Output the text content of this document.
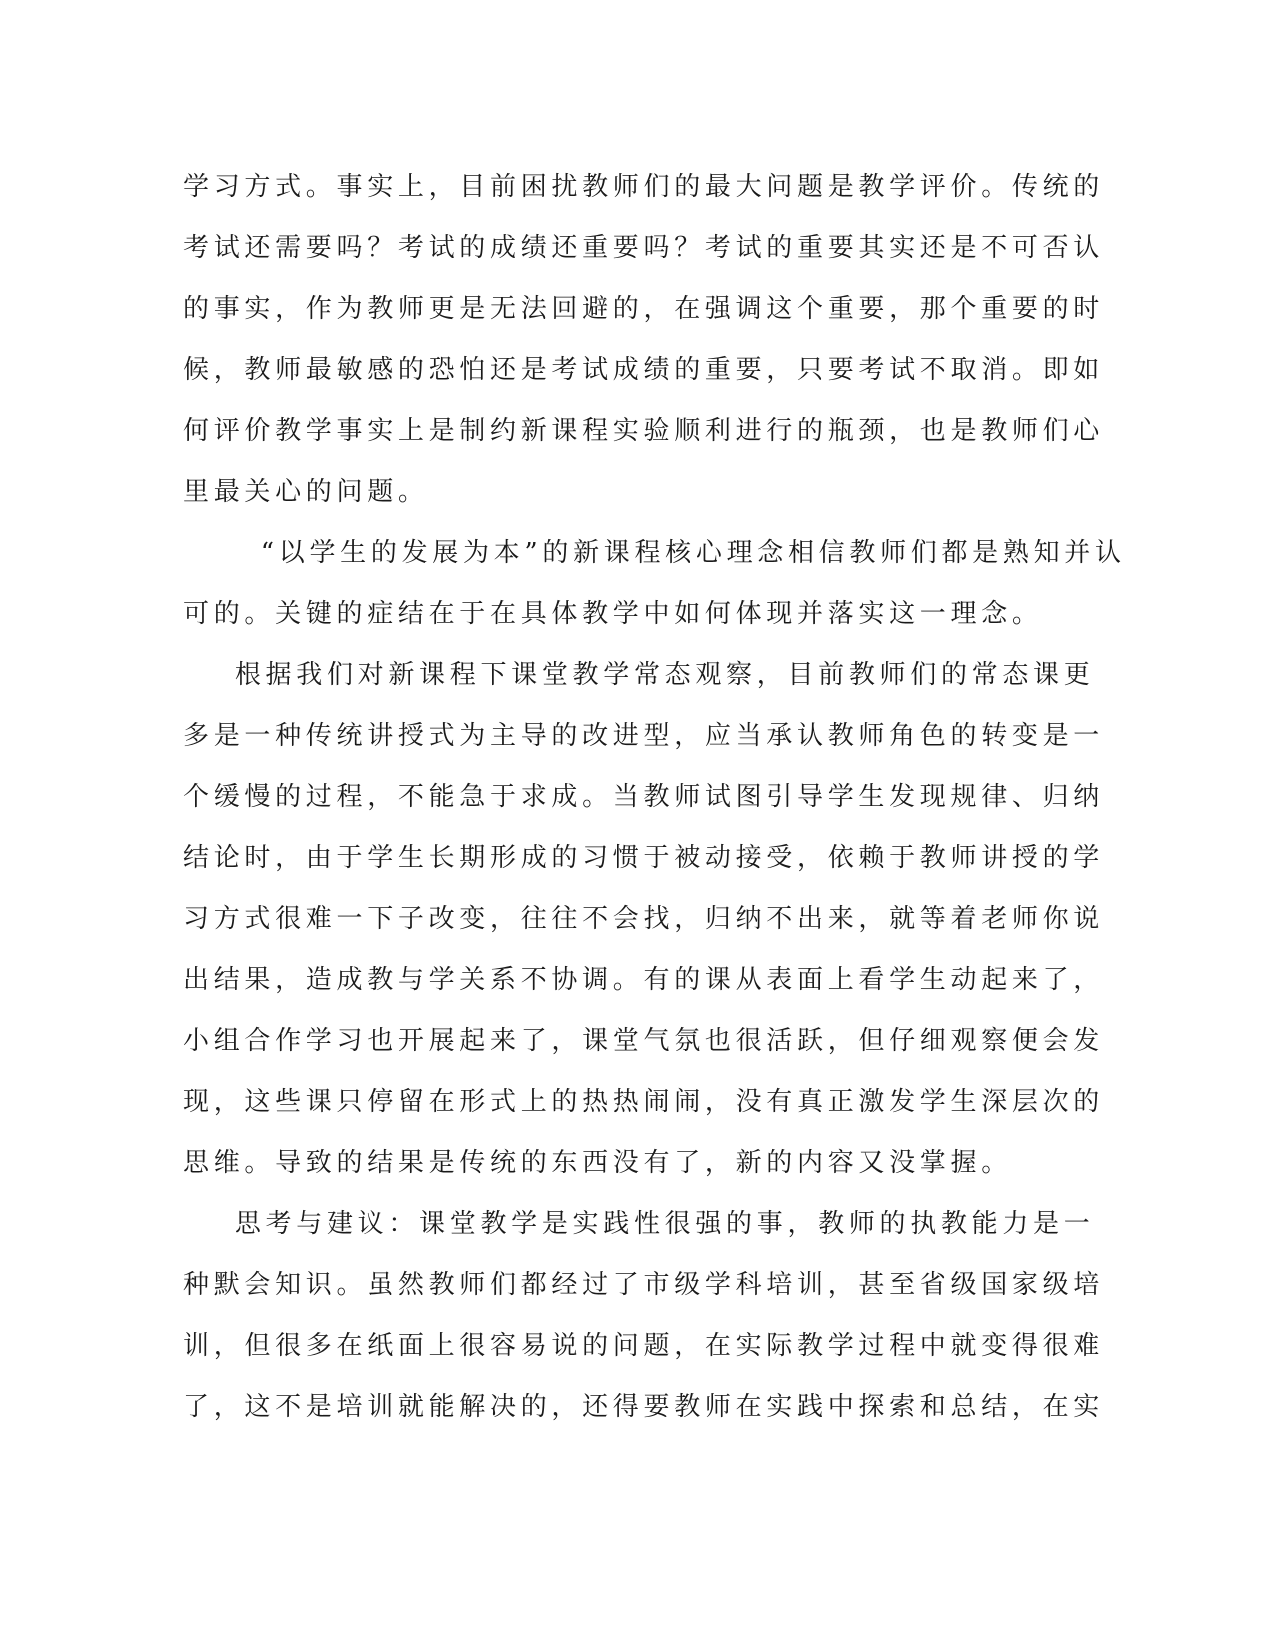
学习方式。事实上，目前困扰教师们的最大问题是教学评价。传统的
考试还需要吗？考试的成绩还重要吗？考试的重要其实还是不可否认
的事实，作为教师更是无法回避的，在强调这个重要，那个重要的时
候，教师最敏感的恐怕还是考试成绩的重要，只要考试不取消。即如
何评价教学事实上是制约新课程实验顺利进行的瓶颈，也是教师们心
里最关心的问题。
“以学生的发展为本”的新课程核心理念相信教师们都是熟知并认
可的。关键的症结在于在具体教学中如何体现并落实这一理念。
根据我们对新课程下课堂教学常态观察，目前教师们的常态课更
多是一种传统讲授式为主导的改进型，应当承认教师角色的转变是一
个缓慢的过程，不能急于求成。当教师试图引导学生发现规律、归纳
结论时，由于学生长期形成的习惯于被动接受，依赖于教师讲授的学
习方式很难一下子改变，往往不会找，归纳不出来，就等着老师你说
出结果，造成教与学关系不协调。有的课从表面上看学生动起来了，
小组合作学习也开展起来了，课堂气氛也很活跃，但仔细观察便会发
现，这些课只停留在形式上的热热闹闹，没有真正激发学生深层次的
思维。导致的结果是传统的东西没有了，新的内容又没掌握。
思考与建议：课堂教学是实践性很强的事，教师的执教能力是一
种默会知识。虽然教师们都经过了市级学科培训，甚至省级国家级培
训，但很多在纸面上很容易说的问题，在实际教学过程中就变得很难
了，这不是培训就能解决的，还得要教师在实践中探索和总结，在实
